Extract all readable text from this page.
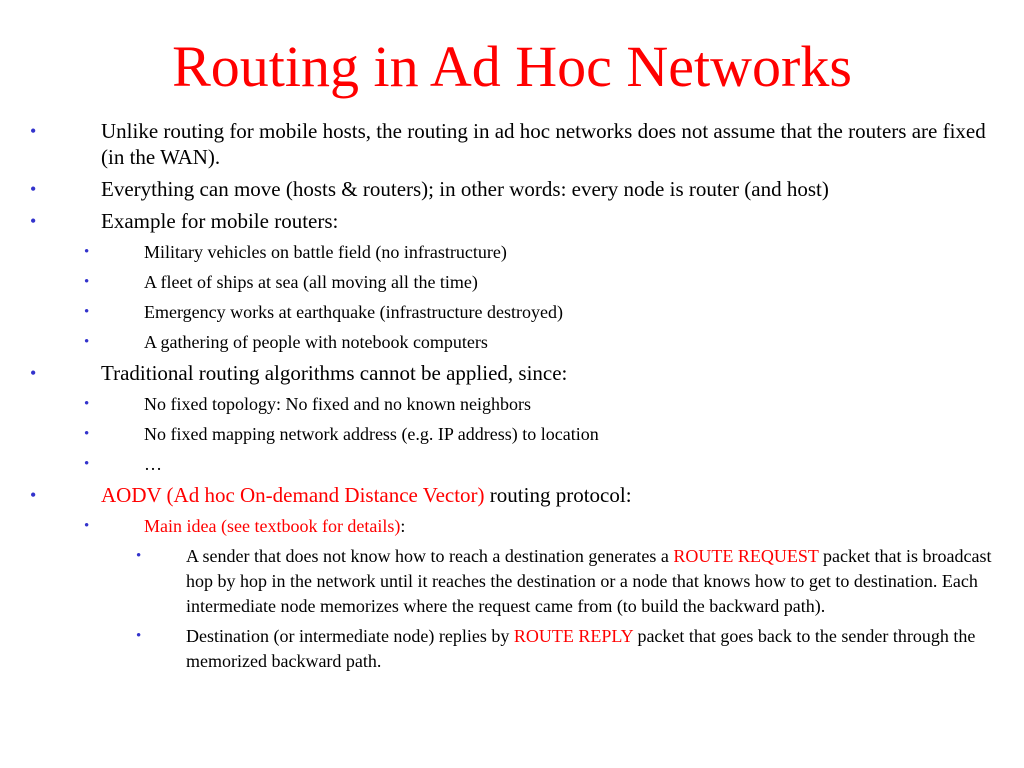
Routing in Ad Hoc Networks
•	Unlike routing for mobile hosts, the routing in ad hoc networks does not assume that the routers are fixed (in the WAN).
•	Everything can move (hosts & routers); in other words: every node is router (and host)
•	Example for mobile routers:
•	Military vehicles on battle field (no infrastructure)
•	A fleet of ships at sea (all moving all the time)
•	Emergency works at earthquake (infrastructure destroyed)
•	A gathering of people with notebook computers
•	Traditional routing algorithms cannot be applied, since:
•	No fixed topology: No fixed and no known neighbors
•	No fixed mapping network address (e.g. IP address) to location
•	…
•	AODV (Ad hoc On-demand Distance Vector) routing protocol:
•	Main idea (see textbook for details):
• A sender that does not know how to reach a destination generates a ROUTE REQUEST packet that is broadcast hop by hop in the network until it reaches the destination or a node that knows how to get to destination. Each intermediate node memorizes where the request came from (to build the backward path).
• Destination (or intermediate node) replies by ROUTE REPLY packet that goes back to the sender through the memorized backward path.
